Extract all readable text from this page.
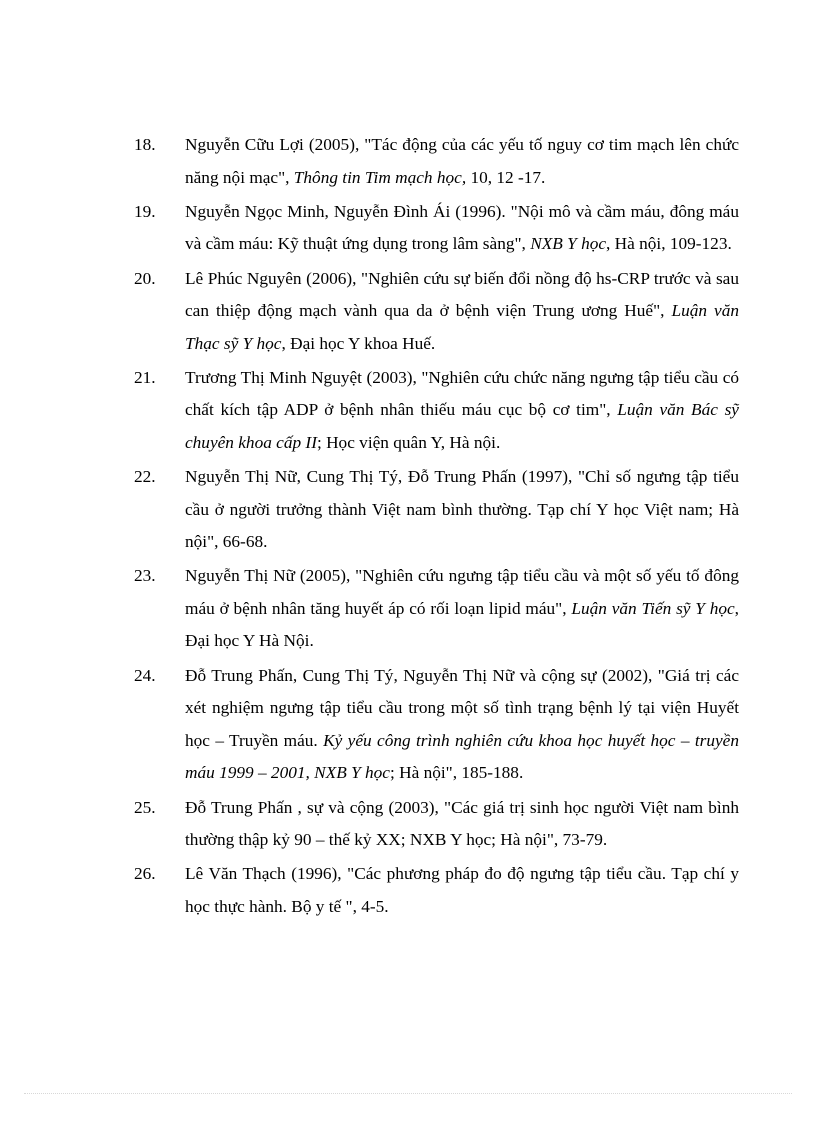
18. Nguyễn Cữu Lợi (2005), "Tác động của các yếu tố nguy cơ tim mạch lên chức năng nội mạc", Thông tin Tim mạch học, 10, 12 -17.
19. Nguyễn Ngọc Minh, Nguyễn Đình Ái (1996). "Nội mô và cầm máu, đông máu và cầm máu: Kỹ thuật ứng dụng trong lâm sàng", NXB Y học, Hà nội, 109-123.
20. Lê Phúc Nguyên (2006), "Nghiên cứu sự biến đổi nồng độ hs-CRP trước và sau can thiệp động mạch vành qua da ở bệnh viện Trung ương Huế", Luận văn Thạc sỹ Y học, Đại học Y khoa Huế.
21. Trương Thị Minh Nguyệt (2003), "Nghiên cứu chức năng ngưng tập tiểu cầu có chất kích tập ADP ở bệnh nhân thiếu máu cục bộ cơ tim", Luận văn Bác sỹ chuyên khoa cấp II; Học viện quân Y, Hà nội.
22. Nguyễn Thị Nữ, Cung Thị Tý, Đỗ Trung Phấn (1997), "Chỉ số ngưng tập tiểu cầu ở người trưởng thành Việt nam bình thường. Tạp chí Y học Việt nam; Hà nội", 66-68.
23. Nguyễn Thị Nữ (2005), "Nghiên cứu ngưng tập tiểu cầu và một số yếu tố đông máu ở bệnh nhân tăng huyết áp có rối loạn lipid máu", Luận văn Tiến sỹ Y học, Đại học Y Hà Nội.
24. Đỗ Trung Phấn, Cung Thị Tý, Nguyễn Thị Nữ và cộng sự (2002), "Giá trị các xét nghiệm ngưng tập tiểu cầu trong một số tình trạng bệnh lý tại viện Huyết học – Truyền máu. Kỷ yếu công trình nghiên cứu khoa học huyết học – truyền máu 1999 – 2001, NXB Y học; Hà nội", 185-188.
25. Đỗ Trung Phấn , sự và cộng (2003), "Các giá trị sinh học người Việt nam bình thường thập kỷ 90 – thế kỷ XX; NXB Y học; Hà nội", 73-79.
26. Lê Văn Thạch (1996), "Các phương pháp đo độ ngưng tập tiểu cầu. Tạp chí y học thực hành. Bộ y tế ", 4-5.
